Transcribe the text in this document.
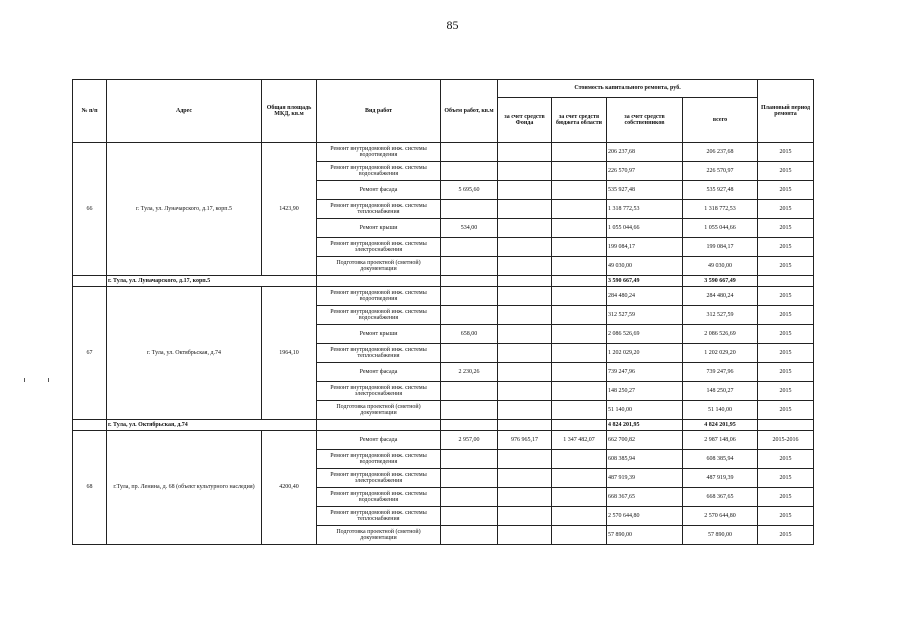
85
№ п/п	Адрес	Общая площадь МКД, кв.м	Вид работ	Объем работ, кв.м	Стоимость капитального ремонта, руб.				Плановый период ремонта
					за счет средств Фонда	за счет средств бюджета области	за счет средств собственников	всего	
66	г. Тула, ул. Луначарского, д.17, корп.5	1423,90	Ремонт внутридомовой инж. системы водоотведения				206 237,68	206 237,68	2015
			Ремонт внутридомовой инж. системы водоснабжения				226 570,97	226 570,97	2015
			Ремонт фасада	5 695,60			535 927,48	535 927,48	2015
			Ремонт внутридомовой инж. системы теплоснабжения				1 318 772,53	1 318 772,53	2015
			Ремонт крыши	534,00			1 055 044,66	1 055 044,66	2015
			Ремонт внутридомовой инж. системы электроснабжения				199 084,17	199 084,17	2015
			Подготовка проектной (сметной) документации				49 030,00	49 030,00	2015
	г. Тула, ул. Луначарского, д.17, корп.5						3 590 667,49	3 590 667,49	
67	г. Тула, ул. Октябрьская, д.74	1964,10	Ремонт внутридомовой инж. системы водоотведения				284 480,24	284 480,24	2015
			Ремонт внутридомовой инж. системы водоснабжения				312 527,59	312 527,59	2015
			Ремонт крыши	658,00			2 086 526,69	2 086 526,69	2015
			Ремонт внутридомовой инж. системы теплоснабжения				1 202 029,20	1 202 029,20	2015
			Ремонт фасада	2 230,26			739 247,96	739 247,96	2015
			Ремонт внутридомовой инж. системы электроснабжения				148 250,27	148 250,27	2015
			Подготовка проектной (сметной) документации				51 140,00	51 140,00	2015
	г. Тула, ул. Октябрьская, д.74						4 824 201,95	4 824 201,95	
68	г.Тула, пр. Ленина, д. 68 (объект культурного наследия)	4200,40	Ремонт фасада	2 957,00	976 965,17	1 347 482,07	662 700,82	2 987 148,06	2015-2016
			Ремонт внутридомовой инж. системы водоотведения				608 385,94	608 385,94	2015
			Ремонт внутридомовой инж. системы электроснабжения				487 919,39	487 919,39	2015
			Ремонт внутридомовой инж. системы водоснабжения				668 367,65	668 367,65	2015
			Ремонт внутридомовой инж. системы теплоснабжения				2 570 644,80	2 570 644,80	2015
			Подготовка проектной (сметной) документации				57 890,00	57 890,00	2015
